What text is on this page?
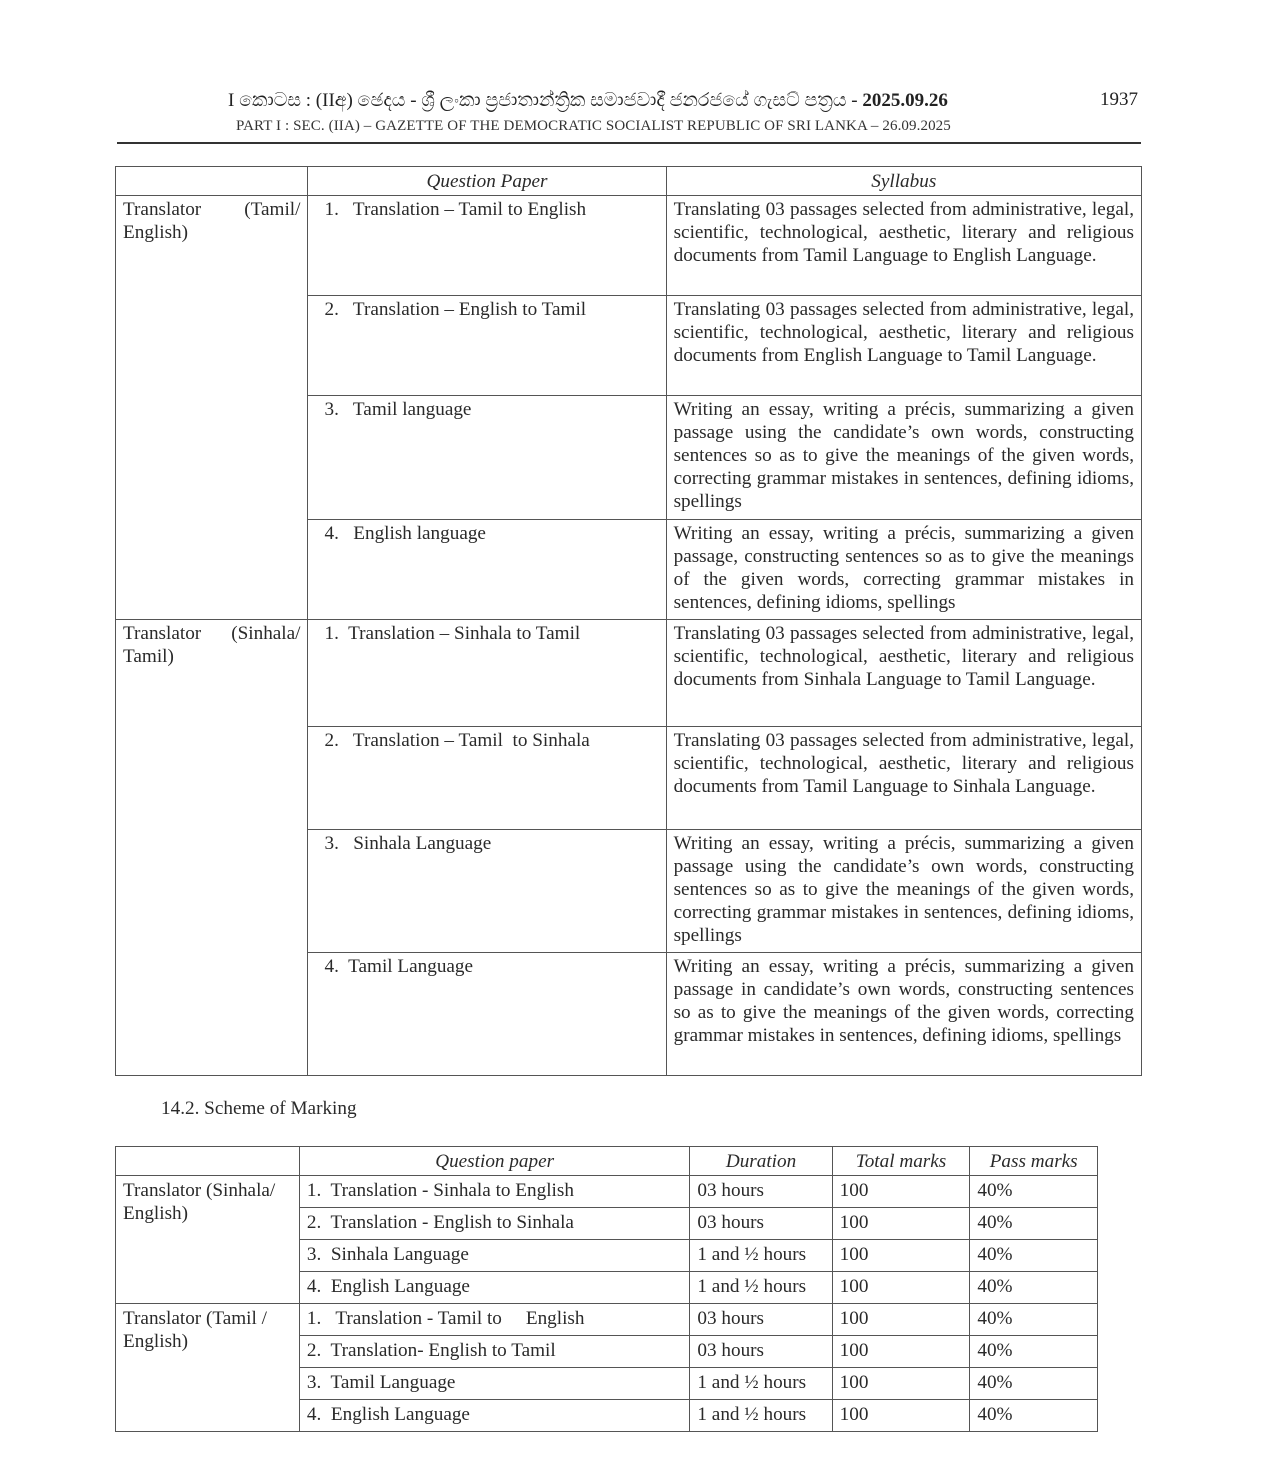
I කොටස : (IIඅ) ඡෙදය - ශ්‍රී ලංකා ප්‍රජාතාන්ත්‍රික සමාජවාදී ජනරජයේ ගැසට් පත්‍රය - 2025.09.26	1937
PART I : SEC. (IIA) – GAZETTE OF THE DEMOCRATIC SOCIALIST REPUBLIC OF SRI LANKA – 26.09.2025
	Question Paper	Syllabus
Translator (Tamil/ English)	1.   Translation – Tamil to English	Translating 03 passages selected from administrative, legal, scientific, technological, aesthetic, literary and religious documents from Tamil Language to English Language.
	2.   Translation – English to Tamil	Translating 03 passages selected from administrative, legal, scientific, technological, aesthetic, literary and religious documents from English Language to Tamil Language.
	3.   Tamil language	Writing an essay, writing a précis, summarizing a given passage using the candidate’s own words, constructing sentences so as to give the meanings of the given words, correcting grammar mistakes in sentences, defining idioms, spellings
	4.   English language	Writing an essay, writing a précis, summarizing a given passage, constructing sentences so as to give the meanings of the given words, correcting grammar mistakes in sentences, defining idioms, spellings
Translator (Sinhala/ Tamil)	1.  Translation – Sinhala to Tamil	Translating 03 passages selected from administrative, legal, scientific, technological, aesthetic, literary and religious documents from Sinhala Language to Tamil Language.
	2.   Translation – Tamil  to Sinhala	Translating 03 passages selected from administrative, legal, scientific, technological, aesthetic, literary and religious documents from Tamil Language to Sinhala Language.
	3.   Sinhala Language	Writing an essay, writing a précis, summarizing a given passage using the candidate’s own words, constructing sentences so as to give the meanings of the given words, correcting grammar mistakes in sentences, defining idioms, spellings
	4.  Tamil Language	Writing an essay, writing a précis, summarizing a given passage in candidate’s own words, constructing sentences so as to give the meanings of the given words, correcting grammar mistakes in sentences, defining idioms, spellings
14.2. Scheme of Marking
	Question paper	Duration	Total marks	Pass marks
Translator (Sinhala/ English)	1.  Translation - Sinhala to English	03 hours	100	40%
	2.  Translation - English to Sinhala	03 hours	100	40%
	3.  Sinhala Language	1 and ½ hours	100	40%
	4.  English Language	1 and ½ hours	100	40%
Translator (Tamil / English)	1.   Translation - Tamil to     English	03 hours	100	40%
	2.  Translation- English to Tamil	03 hours	100	40%
	3.  Tamil Language	1 and ½ hours	100	40%
	4.  English Language	1 and ½ hours	100	40%
